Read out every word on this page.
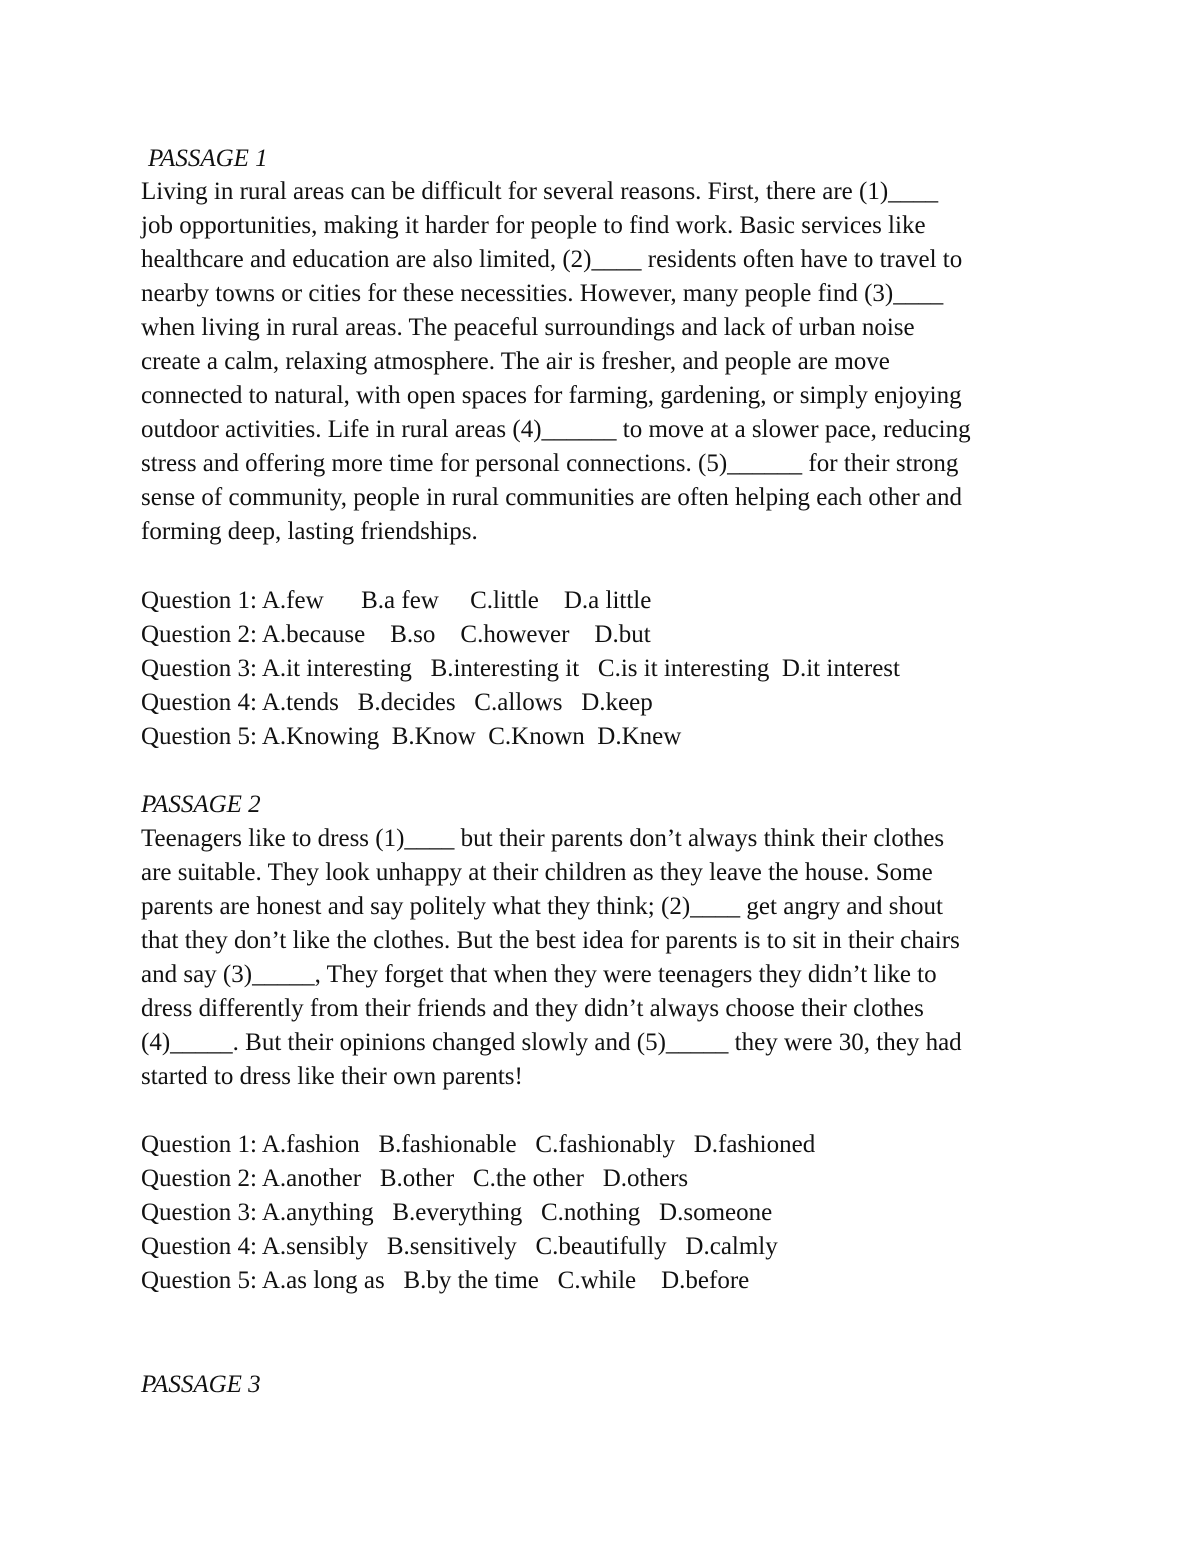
PASSAGE 1
Living in rural areas can be difficult for several reasons. First, there are (1)____
job opportunities, making it harder for people to find work. Basic services like
healthcare and education are also limited, (2)____ residents often have to travel to
nearby towns or cities for these necessities. However, many people find (3)____
when living in rural areas. The peaceful surroundings and lack of urban noise
create a calm, relaxing atmosphere. The air is fresher, and people are move
connected to natural, with open spaces for farming, gardening, or simply enjoying
outdoor activities. Life in rural areas (4)______ to move at a slower pace, reducing
stress and offering more time for personal connections. (5)______ for their strong
sense of community, people in rural communities are often helping each other and
forming deep, lasting friendships.
Question 1: A.few      B.a few     C.little    D.a little
Question 2: A.because    B.so    C.however    D.but
Question 3: A.it interesting   B.interesting it   C.is it interesting  D.it interest
Question 4: A.tends   B.decides   C.allows   D.keep
Question 5: A.Knowing  B.Know  C.Known  D.Knew
PASSAGE 2
Teenagers like to dress (1)____ but their parents don’t always think their clothes
are suitable. They look unhappy at their children as they leave the house. Some
parents are honest and say politely what they think; (2)____ get angry and shout
that they don’t like the clothes. But the best idea for parents is to sit in their chairs
and say (3)_____, They forget that when they were teenagers they didn’t like to
dress differently from their friends and they didn’t always choose their clothes
(4)_____. But their opinions changed slowly and (5)_____ they were 30, they had
started to dress like their own parents!
Question 1: A.fashion   B.fashionable   C.fashionably   D.fashioned
Question 2: A.another   B.other   C.the other   D.others
Question 3: A.anything   B.everything   C.nothing   D.someone
Question 4: A.sensibly   B.sensitively   C.beautifully   D.calmly
Question 5: A.as long as   B.by the time   C.while    D.before
PASSAGE 3
